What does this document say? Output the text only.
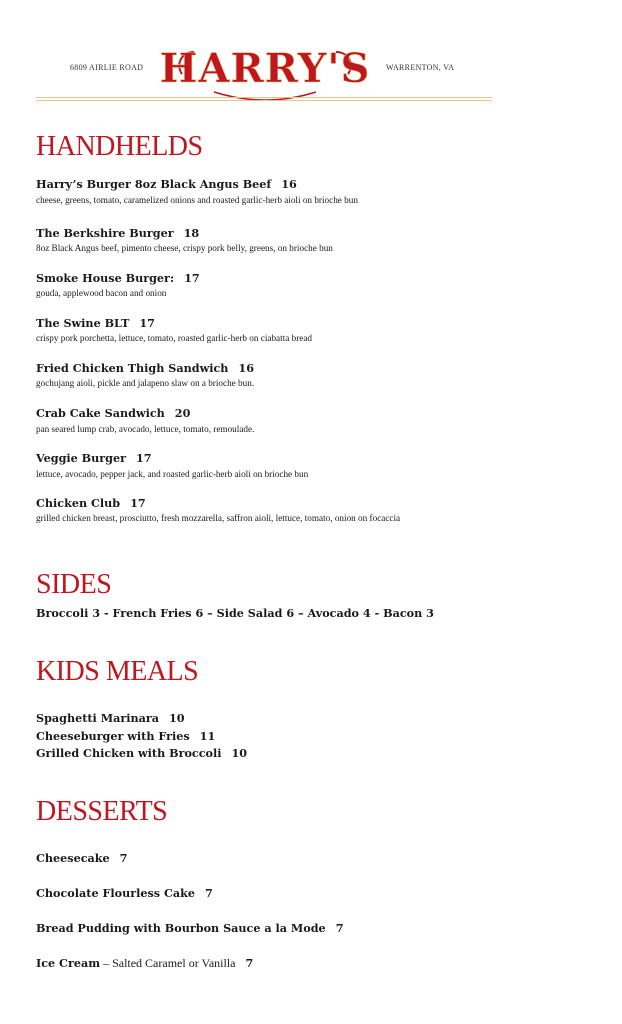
6809 AIRLIE ROAD HARRY'S WARRENTON, VA
HANDHELDS
Harry’s Burger 8oz Black Angus Beef 16
cheese, greens, tomato, caramelized onions and roasted garlic-herb aioli on brioche bun
The Berkshire Burger 18
8oz Black Angus beef, pimento cheese, crispy pork belly, greens, on brioche bun
Smoke House Burger: 17
gouda, applewood bacon and onion
The Swine BLT 17
crispy pork porchetta, lettuce, tomato, roasted garlic-herb on ciabatta bread
Fried Chicken Thigh Sandwich 16
gochujang aioli, pickle and jalapeno slaw on a brioche bun.
Crab Cake Sandwich 20
pan seared lump crab, avocado, lettuce, tomato, remoulade.
Veggie Burger 17
lettuce, avocado, pepper jack, and roasted garlic-herb aioli on brioche bun
Chicken Club 17
grilled chicken breast, prosciutto, fresh mozzarella, saffron aioli, lettuce, tomato, onion on focaccia
SIDES
Broccoli 3 - French Fries 6 – Side Salad 6 – Avocado 4 - Bacon 3
KIDS MEALS
Spaghetti Marinara 10
Cheeseburger with Fries 11
Grilled Chicken with Broccoli 10
DESSERTS
Cheesecake 7
Chocolate Flourless Cake 7
Bread Pudding with Bourbon Sauce a la Mode 7
Ice Cream – Salted Caramel or Vanilla 7
